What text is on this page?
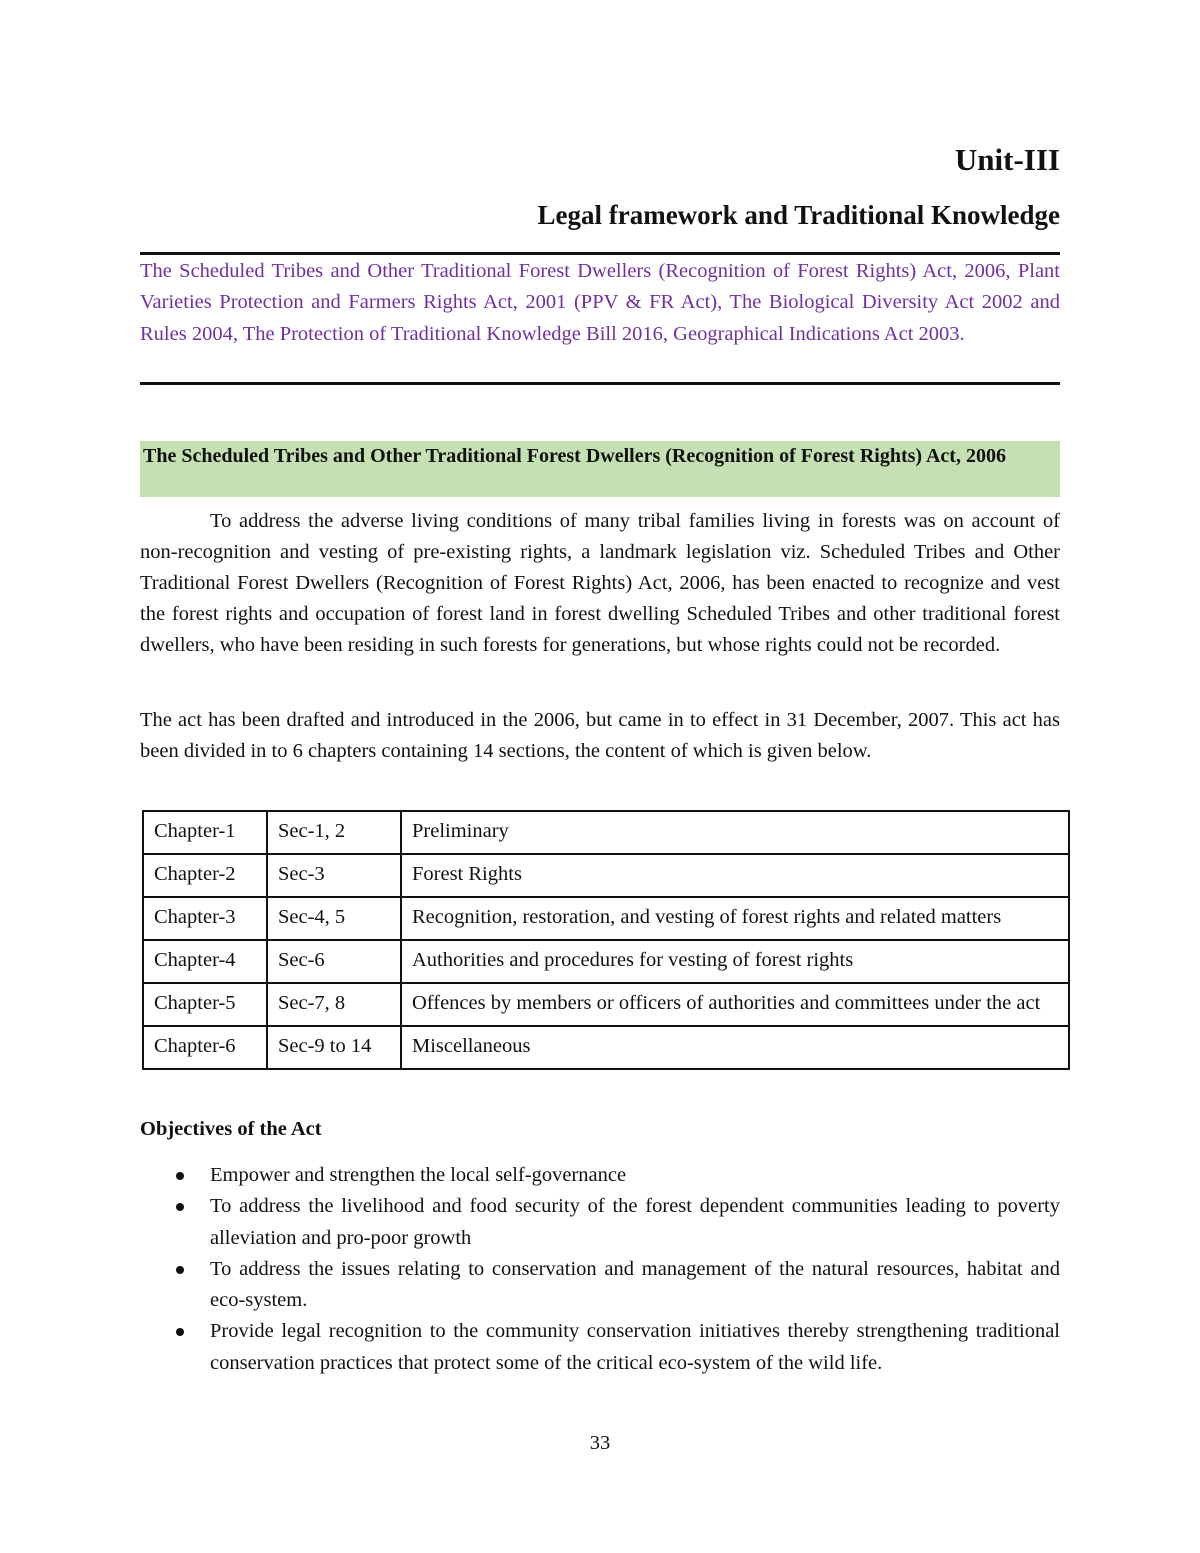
Unit-III
Legal framework and Traditional Knowledge
The Scheduled Tribes and Other Traditional Forest Dwellers (Recognition of Forest Rights) Act, 2006, Plant Varieties Protection and Farmers Rights Act, 2001 (PPV & FR Act), The Biological Diversity Act 2002 and Rules 2004, The Protection of Traditional Knowledge Bill 2016, Geographical Indications Act 2003.
The Scheduled Tribes and Other Traditional Forest Dwellers (Recognition of Forest Rights) Act, 2006
To address the adverse living conditions of many tribal families living in forests was on account of non-recognition and vesting of pre-existing rights, a landmark legislation viz. Scheduled Tribes and Other Traditional Forest Dwellers (Recognition of Forest Rights) Act, 2006, has been enacted to recognize and vest the forest rights and occupation of forest land in forest dwelling Scheduled Tribes and other traditional forest dwellers, who have been residing in such forests for generations, but whose rights could not be recorded.
The act has been drafted and introduced in the 2006, but came in to effect in 31 December, 2007. This act has been divided in to 6 chapters containing 14 sections, the content of which is given below.
Chapter-1	Sec-1, 2	Preliminary
Chapter-2	Sec-3	Forest Rights
Chapter-3	Sec-4, 5	Recognition, restoration, and vesting of forest rights and related matters
Chapter-4	Sec-6	Authorities and procedures for vesting of forest rights
Chapter-5	Sec-7, 8	Offences by members or officers of authorities and committees under the act
Chapter-6	Sec-9 to 14	Miscellaneous
Objectives of the Act
Empower and strengthen the local self-governance
To address the livelihood and food security of the forest dependent communities leading to poverty alleviation and pro-poor growth
To address the issues relating to conservation and management of the natural resources, habitat and eco-system.
Provide legal recognition to the community conservation initiatives thereby strengthening traditional conservation practices that protect some of the critical eco-system of the wild life.
33
